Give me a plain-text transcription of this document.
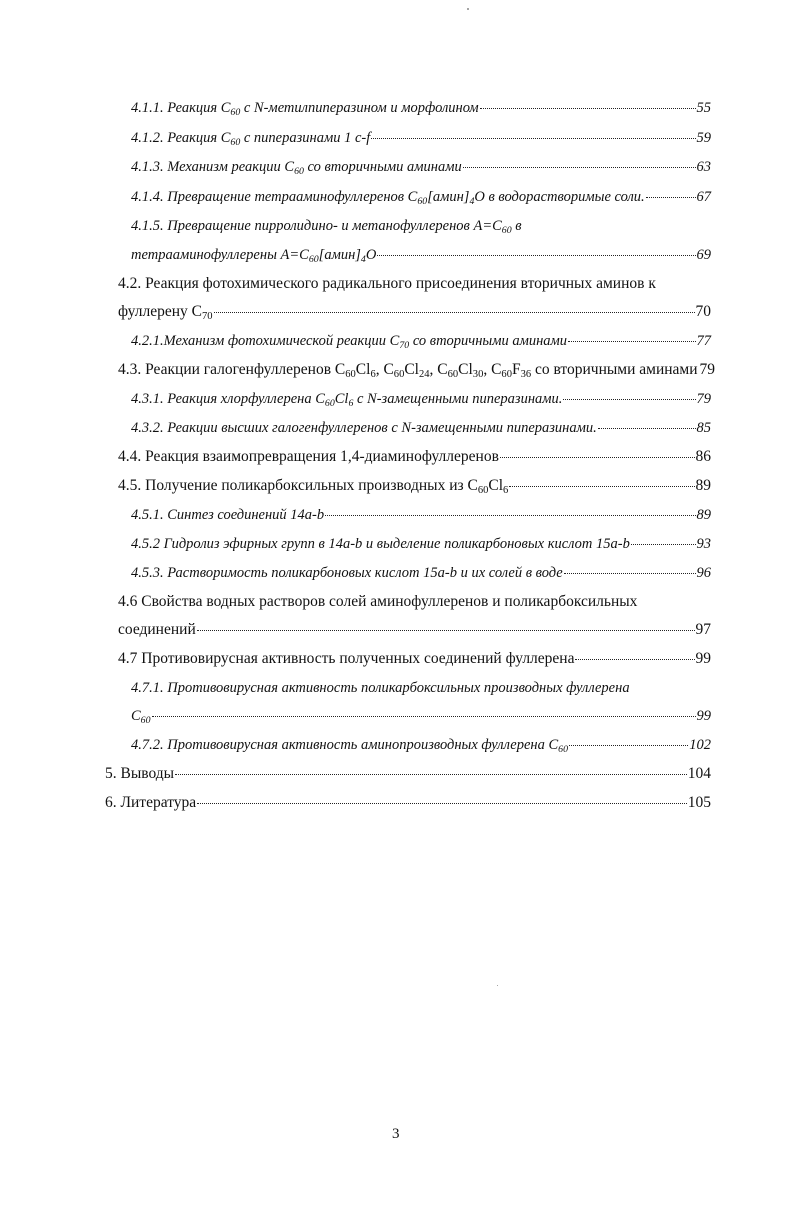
4.1.1. Реакция $C_{60}$ с N-метилпиперазином и морфолином	55
4.1.2. Реакция $C_{60}$ с пиперазинами 1 c-f	59
4.1.3. Механизм реакции $C_{60}$ со вторичными аминами	63
4.1.4. Превращение тетрааминофуллеренов $C_{60}[амин]_4O$ в водорастворимые соли.	67
4.1.5. Превращение пирролидино- и метанофуллеренов $A=C_{60}$ в
тетрааминофуллерены $A=C_{60}[амин]_4O$	69
4.2. Реакция фотохимического радикального присоединения вторичных аминов к
фуллерену $C_{70}$	70
4.2.1.Механизм фотохимической реакции $C_{70}$ со вторичными аминами	77
4.3. Реакции галогенфуллеренов $C_{60}Cl_6$, $C_{60}Cl_{24}$, $C_{60}Cl_{30}$, $C_{60}F_{36}$ со вторичными аминами 79
4.3.1. Реакция хлорфуллерена $C_{60}Cl_6$ с N-замещенными пиперазинами.	79
4.3.2. Реакции высших галогенфуллеренов с N-замещенными пиперазинами.	85
4.4. Реакция взаимопревращения 1,4-диаминофуллеренов	86
4.5. Получение поликарбоксильных производных из $C_{60}Cl_6$	89
4.5.1. Синтез соединений 14a-b	89
4.5.2 Гидролиз эфирных групп в 14a-b и выделение поликарбоновых кислот 15a-b	93
4.5.3. Растворимость поликарбоновых кислот 15a-b и их солей в воде	96
4.6 Свойства водных растворов солей аминофуллеренов и поликарбоксильных
соединений	97
4.7 Противовирусная активность полученных соединений фуллерена	99
4.7.1. Противовирусная активность поликарбоксильных производных фуллерена
$C_{60}$	99
4.7.2. Противовирусная активность аминопроизводных фуллерена $C_{60}$	102
5. Выводы	104
6. Литература	105
3
